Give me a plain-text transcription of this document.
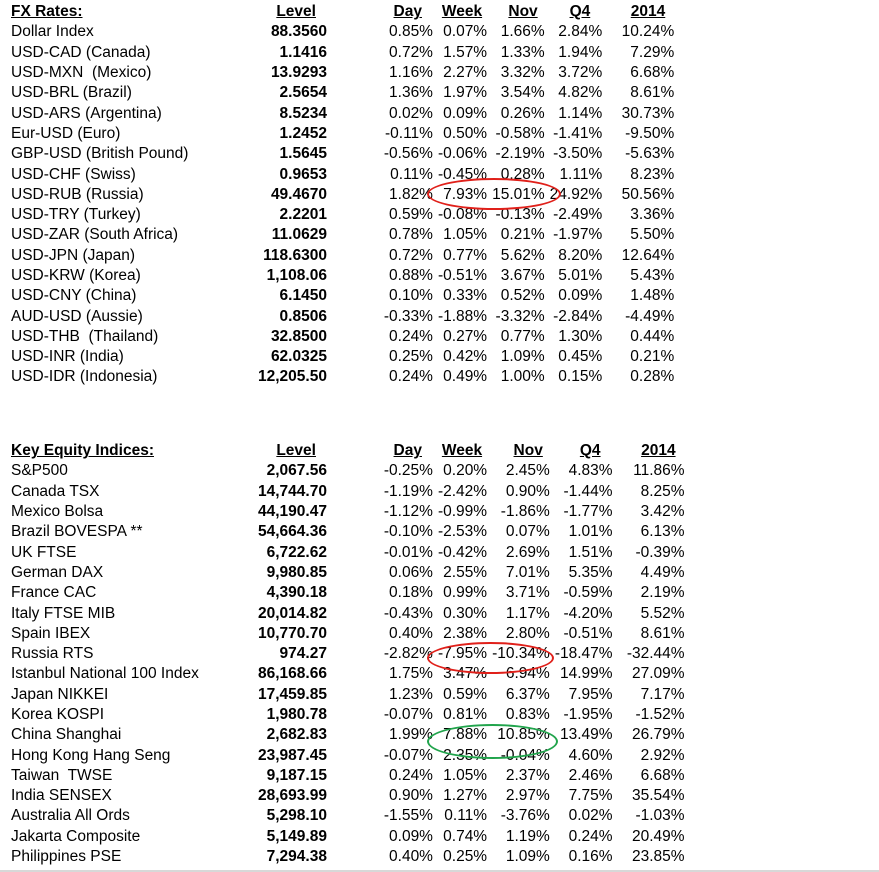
FX Rates:	Level	Day	Week	Nov	Q4	2014
Dollar Index	88.3560	0.85%	0.07%	1.66%	2.84%	10.24%
USD-CAD (Canada)	1.1416	0.72%	1.57%	1.33%	1.94%	7.29%
USD-MXN  (Mexico)	13.9293	1.16%	2.27%	3.32%	3.72%	6.68%
USD-BRL (Brazil)	2.5654	1.36%	1.97%	3.54%	4.82%	8.61%
USD-ARS (Argentina)	8.5234	0.02%	0.09%	0.26%	1.14%	30.73%
Eur-USD (Euro)	1.2452	-0.11%	0.50%	-0.58%	-1.41%	-9.50%
GBP-USD (British Pound)	1.5645	-0.56%	-0.06%	-2.19%	-3.50%	-5.63%
USD-CHF (Swiss)	0.9653	0.11%	-0.45%	0.28%	1.11%	8.23%
USD-RUB (Russia)	49.4670	1.82%	7.93%	15.01%	24.92%	50.56%
USD-TRY (Turkey)	2.2201	0.59%	-0.08%	-0.13%	-2.49%	3.36%
USD-ZAR (South Africa)	11.0629	0.78%	1.05%	0.21%	-1.97%	5.50%
USD-JPN (Japan)	118.6300	0.72%	0.77%	5.62%	8.20%	12.64%
USD-KRW (Korea)	1,108.06	0.88%	-0.51%	3.67%	5.01%	5.43%
USD-CNY (China)	6.1450	0.10%	0.33%	0.52%	0.09%	1.48%
AUD-USD (Aussie)	0.8506	-0.33%	-1.88%	-3.32%	-2.84%	-4.49%
USD-THB  (Thailand)	32.8500	0.24%	0.27%	0.77%	1.30%	0.44%
USD-INR (India)	62.0325	0.25%	0.42%	1.09%	0.45%	0.21%
USD-IDR (Indonesia)	12,205.50	0.24%	0.49%	1.00%	0.15%	0.28%
Key Equity Indices:	Level	Day	Week	Nov	Q4	2014
S&P500	2,067.56	-0.25%	0.20%	2.45%	4.83%	11.86%
Canada TSX	14,744.70	-1.19%	-2.42%	0.90%	-1.44%	8.25%
Mexico Bolsa	44,190.47	-1.12%	-0.99%	-1.86%	-1.77%	3.42%
Brazil BOVESPA **	54,664.36	-0.10%	-2.53%	0.07%	1.01%	6.13%
UK FTSE	6,722.62	-0.01%	-0.42%	2.69%	1.51%	-0.39%
German DAX	9,980.85	0.06%	2.55%	7.01%	5.35%	4.49%
France CAC	4,390.18	0.18%	0.99%	3.71%	-0.59%	2.19%
Italy FTSE MIB	20,014.82	-0.43%	0.30%	1.17%	-4.20%	5.52%
Spain IBEX	10,770.70	0.40%	2.38%	2.80%	-0.51%	8.61%
Russia RTS	974.27	-2.82%	-7.95%	-10.34%	-18.47%	-32.44%
Istanbul National 100 Index	86,168.66	1.75%	3.47%	6.94%	14.99%	27.09%
Japan NIKKEI	17,459.85	1.23%	0.59%	6.37%	7.95%	7.17%
Korea KOSPI	1,980.78	-0.07%	0.81%	0.83%	-1.95%	-1.52%
China Shanghai	2,682.83	1.99%	7.88%	10.85%	13.49%	26.79%
Hong Kong Hang Seng	23,987.45	-0.07%	2.35%	-0.04%	4.60%	2.92%
Taiwan  TWSE	9,187.15	0.24%	1.05%	2.37%	2.46%	6.68%
India SENSEX	28,693.99	0.90%	1.27%	2.97%	7.75%	35.54%
Australia All Ords	5,298.10	-1.55%	0.11%	-3.76%	0.02%	-1.03%
Jakarta Composite	5,149.89	0.09%	0.74%	1.19%	0.24%	20.49%
Philippines PSE	7,294.38	0.40%	0.25%	1.09%	0.16%	23.85%
